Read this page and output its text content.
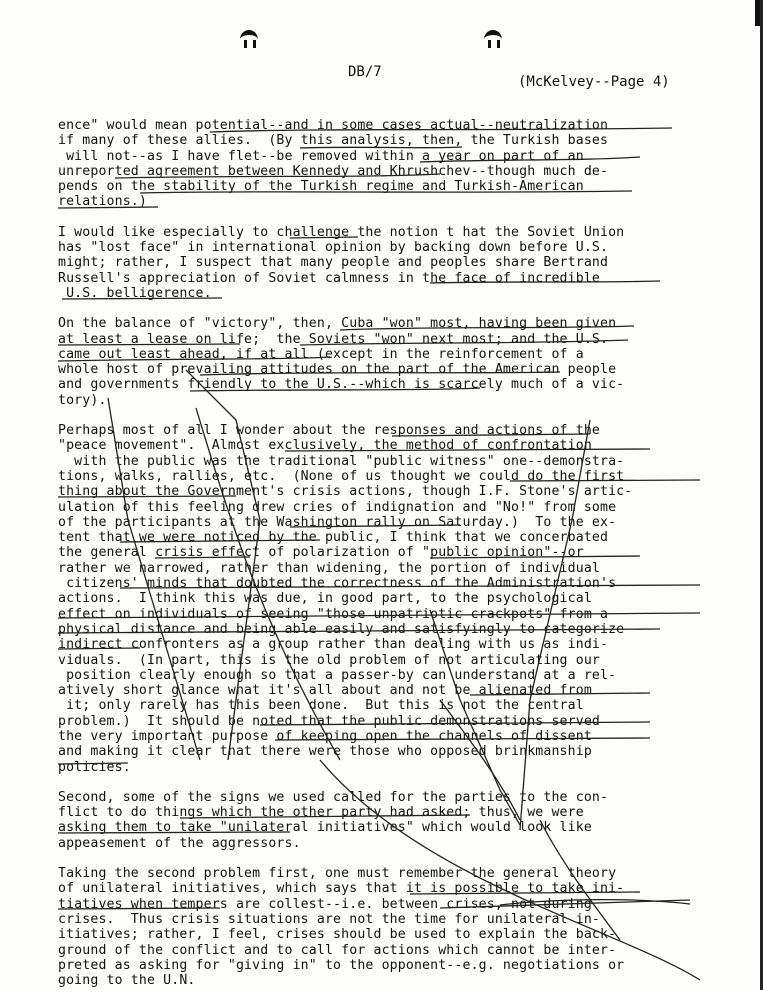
DB/7
(McKelvey--Page 4)
ence" would mean potential--and in some cases actual--neutralization
if many of these allies.  (By this analysis, then, the Turkish bases
will not--as I have flet--be removed within a year on part of an
unreported agreement between Kennedy and Khrushchev--though much de-
pends on the stability of the Turkish regime and Turkish-American
relations.)
I would like especially to challenge the notion t hat the Soviet Union
has "lost face" in international opinion by backing down before U.S.
might; rather, I suspect that many people and peoples share Bertrand
Russell's appreciation of Soviet calmness in the face of incredible
U.S. belligerence.
On the balance of "victory", then, Cuba "won" most, having been given
at least a lease on life;  the Soviets "won" next most; and the U.S.
came out least ahead, if at all (except in the reinforcement of a
whole host of prevailing attitudes on the part of the American people
and governments friendly to the U.S.--which is scarcely much of a vic-
tory).
Perhaps most of all I wonder about the responses and actions of the
"peace movement".  Almost exclusively, the method of confrontation
with the public was the traditional "public witness" one--demonstra-
tions, walks, rallies, etc.  (None of us thought we could do the first
thing about the Government's crisis actions, though I.F. Stone's artic-
ulation of this feeling drew cries of indignation and "No!" from some
of the participants at the Washington rally on Saturday.)  To the ex-
tent that we were noticed by the public, I think that we concerbated
the general crisis effect of polarization of "public opinion"--or
rather we narrowed, rather than widening, the portion of individual
citizens' minds that doubted the correctness of the Administration's
actions.  I think this was due, in good part, to the psychological
effect on individuals of seeing "those unpatriotic crackpots" from a
physical distance and being able easily and satisfyingly to categorize
indirect confronters as a group rather than dealing with us as indi-
viduals.  (In part, this is the old problem of not articulating our
position clearly enough so that a passer-by can understand at a rel-
atively short glance what it's all about and not be alienated from
it; only rarely has this been done.  But this is not the central
problem.)  It should be noted that the public demonstrations served
the very important purpose of keeping open the channels of dissent
and making it clear that there were those who opposed brinkmanship
policies.
Second, some of the signs we used called for the parties to the con-
flict to do things which the other party had asked; thus, we were
asking them to take "unilateral initiatives" which would look like
appeasement of the aggressors.
Taking the second problem first, one must remember the general theory
of unilateral initiatives, which says that it is possible to take ini-
tiatives when tempers are collest--i.e. between crises, not during
crises.  Thus crisis situations are not the time for unilateral in-
itiatives; rather, I feel, crises should be used to explain the back-
ground of the conflict and to call for actions which cannot be inter-
preted as asking for "giving in" to the opponent--e.g. negotiations or
going to the U.N.
